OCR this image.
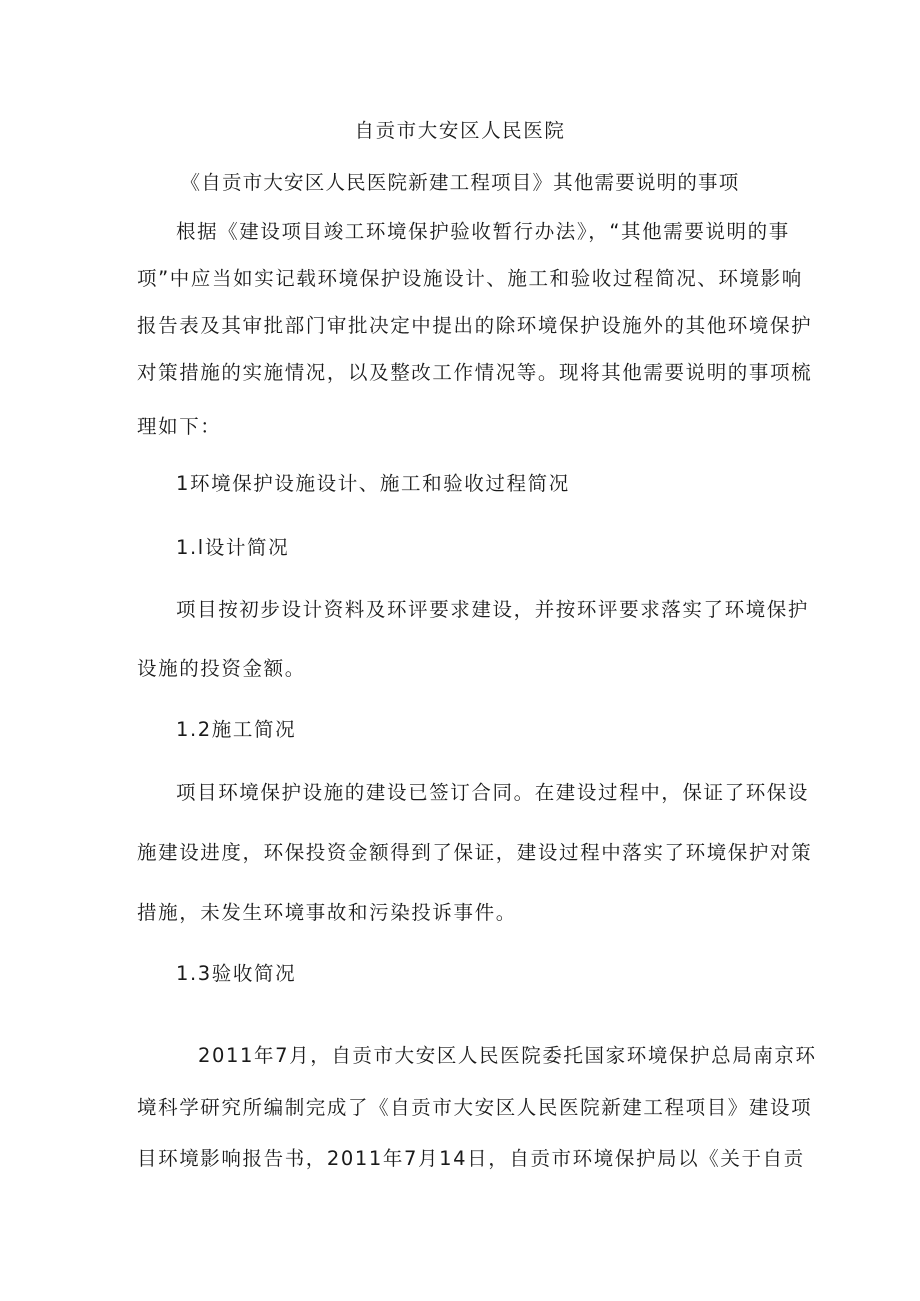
自贡市大安区人民医院
《自贡市大安区人民医院新建工程项目》其他需要说明的事项
根据《建设项目竣工环境保护验收暂行办法》，“其他需要说明的事
项”中应当如实记载环境保护设施设计、施工和验收过程简况、环境影响
报告表及其审批部门审批决定中提出的除环境保护设施外的其他环境保护
对策措施的实施情况，以及整改工作情况等。现将其他需要说明的事项梳
理如下：
1环境保护设施设计、施工和验收过程简况
1.l设计简况
项目按初步设计资料及环评要求建设，并按环评要求落实了环境保护
设施的投资金额。
1.2施工简况
项目环境保护设施的建设已签订合同。在建设过程中，保证了环保设
施建设进度，环保投资金额得到了保证，建设过程中落实了环境保护对策
措施，未发生环境事故和污染投诉事件。
1.3验收简况
2011年7月，自贡市大安区人民医院委托国家环境保护总局南京环
境科学研究所编制完成了《自贡市大安区人民医院新建工程项目》建设项
目环境影响报告书，2011年7月14日，自贡市环境保护局以《关于自贡
